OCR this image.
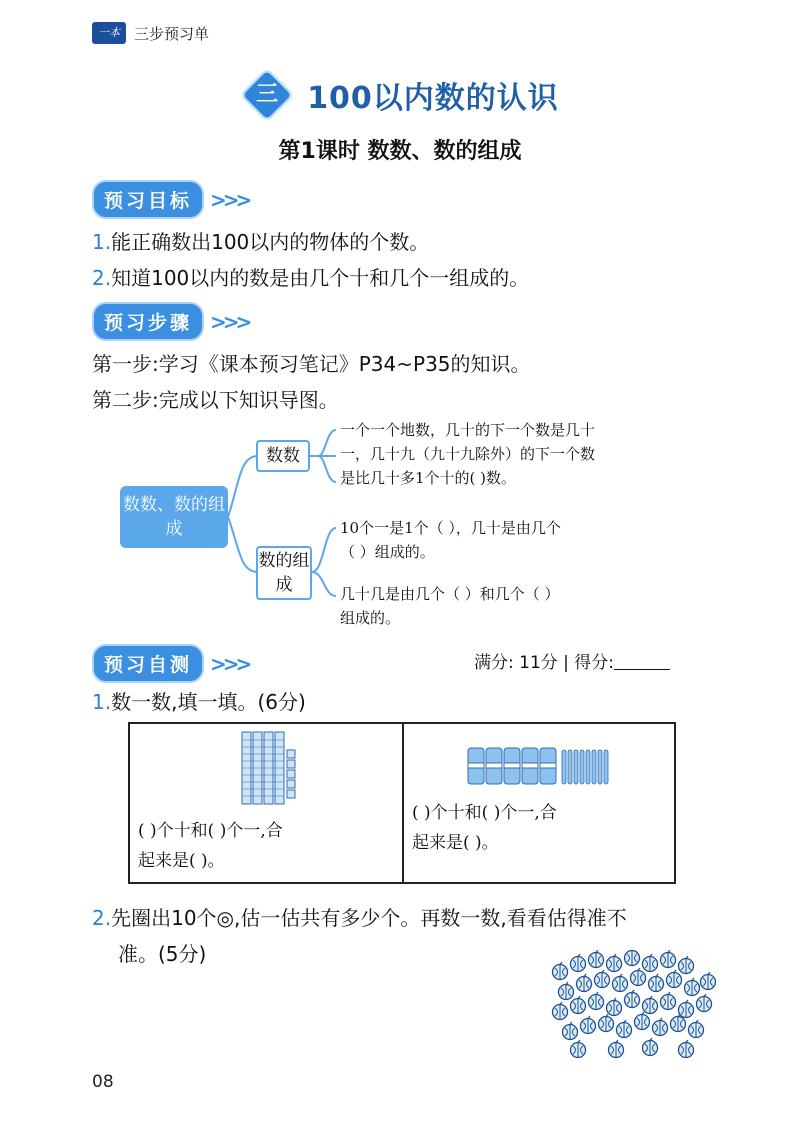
一本 三步预习单
三 100以内数的认识
第1课时 数数、数的组成
预习目标 >>>
1.能正确数出100以内的物体的个数。
2.知道100以内的数是由几个十和几个一组成的。
预习步骤 >>>
第一步:学习《课本预习笔记》P34~P35的知识。
第二步:完成以下知识导图。
数数、数的组成
数数
数的组成
一个一个地数，几十的下一个数是几十
一，几十九（九十九除外）的下一个数
是比几十多1个十的( )数。
10个一是1个（ ），几十是由几个
（ ）组成的。
几十几是由几个（ ）和几个（ ）
组成的。
预习自测 >>>	满分: 11分 | 得分:
1.数一数,填一填。(6分)
( )个十和( )个一,合
起来是( )。
( )个十和( )个一,合
起来是( )。
2.先圈出10个◎,估一估共有多少个。再数一数,看看估得准不
准。(5分)
08
